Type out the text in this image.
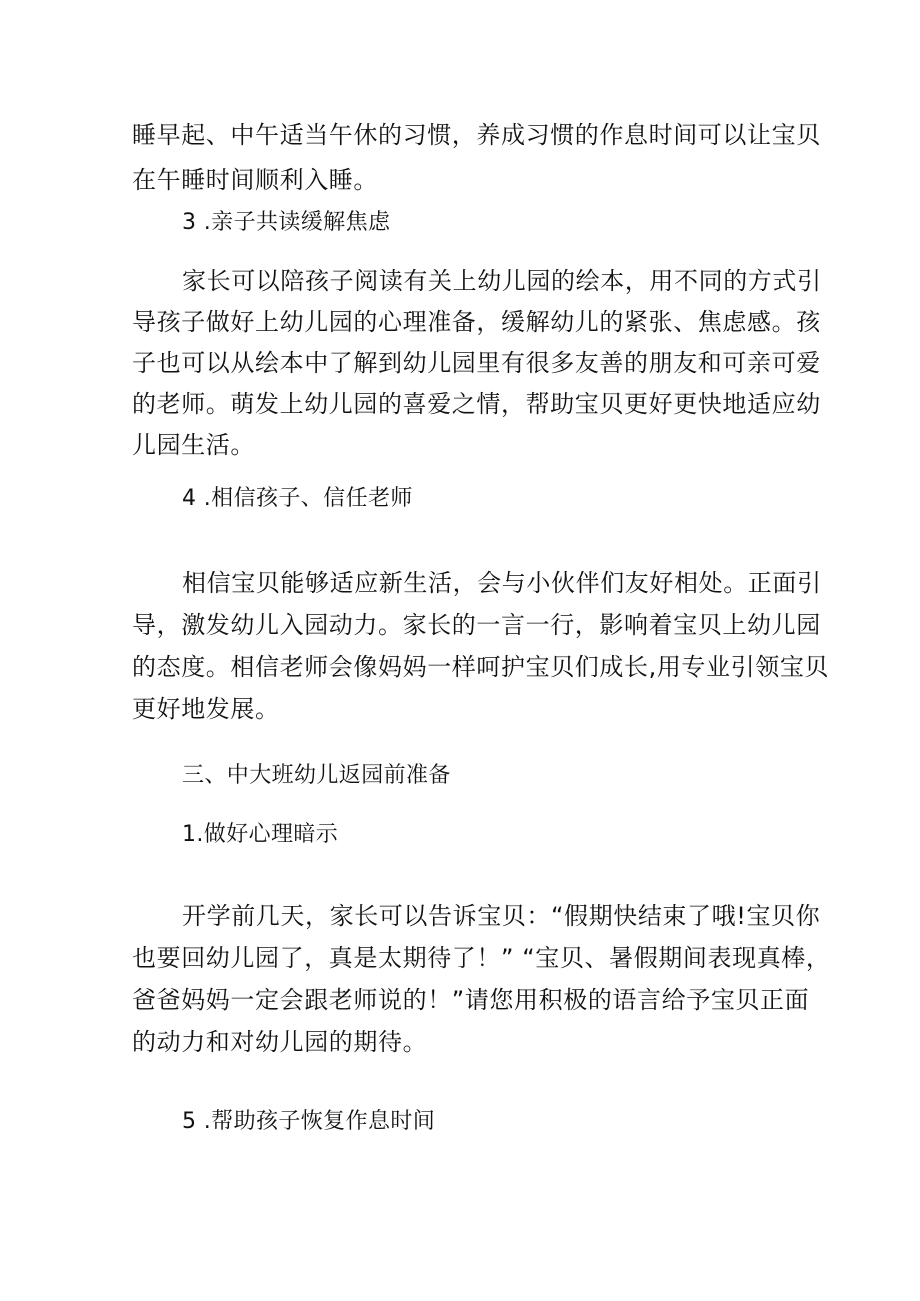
睡早起、中午适当午休的习惯，养成习惯的作息时间可以让宝贝
在午睡时间顺利入睡。
3 .亲子共读缓解焦虑
家长可以陪孩子阅读有关上幼儿园的绘本，用不同的方式引
导孩子做好上幼儿园的心理准备，缓解幼儿的紧张、焦虑感。孩
子也可以从绘本中了解到幼儿园里有很多友善的朋友和可亲可爱
的老师。萌发上幼儿园的喜爱之情，帮助宝贝更好更快地适应幼
儿园生活。
4 .相信孩子、信任老师
相信宝贝能够适应新生活，会与小伙伴们友好相处。正面引
导，激发幼儿入园动力。家长的一言一行，影响着宝贝上幼儿园
的态度。相信老师会像妈妈一样呵护宝贝们成长,用专业引领宝贝
更好地发展。
三、中大班幼儿返园前准备
1.做好心理暗示
开学前几天，家长可以告诉宝贝：“假期快结束了哦!宝贝你
也要回幼儿园了，真是太期待了！” “宝贝、暑假期间表现真棒，
爸爸妈妈一定会跟老师说的！”请您用积极的语言给予宝贝正面
的动力和对幼儿园的期待。
5 .帮助孩子恢复作息时间
